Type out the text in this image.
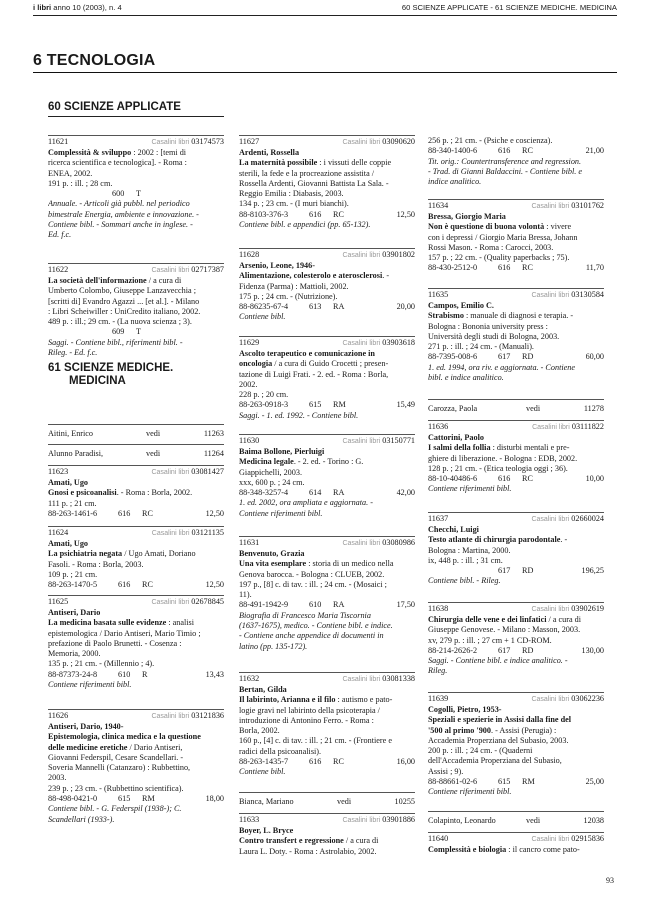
i libri anno 10 (2003), n. 4	60 SCIENZE APPLICATE - 61 SCIENZE MEDICHE. MEDICINA
6 TECNOLOGIA
60 SCIENZE APPLICATE
11621	Casalini libri 03174573
Complessità & sviluppo : 2002 : [temi di
ricerca scientifica e tecnologica]. - Roma :
ENEA, 2002.
191 p. : ill. ; 28 cm.
600 T
Annuale. - Articoli già pubbl. nel periodico
bimestrale Energia, ambiente e innovazione. -
Contiene bibl. - Sommari anche in inglese. -
Ed. f.c.
11622	Casalini libri 02717387
La società dell'informazione / a cura di
Umberto Colombo, Giuseppe Lanzavecchia ;
[scritti di] Evandro Agazzi ... [et al.]. - Milano
: Libri Scheiwiller : UniCredito italiano, 2002.
489 p. : ill.; 29 cm. - (La nuova scienza ; 3).
609 T
Saggi. - Contiene bibl., riferimenti bibl. -
Rileg. - Ed. f.c.
61 SCIENZE MEDICHE.
MEDICINA
Aitini, Enrico	vedi	11263
Alunno Paradisi,	vedi	11264
11623	Casalini libri 03081427
Amati, Ugo
Gnosi e psicoanalisi. - Roma : Borla, 2002.
111 p. ; 21 cm.
88-263-1461-6	616 RC	12,50
11624	Casalini libri 03121135
Amati, Ugo
La psichiatria negata / Ugo Amati, Doriano
Fasoli. - Roma : Borla, 2003.
109 p. ; 21 cm.
88-263-1470-5	616 RC	12,50
11625	Casalini libri 02678845
Antiseri, Dario
La medicina basata sulle evidenze : analisi
epistemologica / Dario Antiseri, Mario Timio ;
prefazione di Paolo Brunetti. - Cosenza :
Memoria, 2000.
135 p. ; 21 cm. - (Millennio ; 4).
88-87373-24-8	610 R	13,43
Contiene riferimenti bibl.
11626	Casalini libri 03121836
Antiseri, Dario, 1940-
Epistemologia, clinica medica e la questione
delle medicine eretiche / Dario Antiseri,
Giovanni Federspil, Cesare Scandellari. -
Soveria Mannelli (Catanzaro) : Rubbettino,
2003.
239 p. ; 23 cm. - (Rubbettino scientifica).
88-498-0421-0	615 RM	18,00
Contiene bibl. - G. Federspil (1938-); C.
Scandellari (1933-).
11627	Casalini libri 03090620
Ardenti, Rossella
La maternità possibile : i vissuti delle coppie
sterili, la fede e la procreazione assistita /
Rossella Ardenti, Giovanni Battista La Sala. -
Reggio Emilia : Diabasis, 2003.
134 p. ; 23 cm. - (I muri bianchi).
88-8103-376-3	616 RC	12,50
Contiene bibl. e appendici (pp. 65-132).
11628	Casalini libri 03901802
Arsenio, Leone, 1946-
Alimentazione, colesterolo e aterosclerosi. -
Fidenza (Parma) : Mattioli, 2002.
175 p. ; 24 cm. - (Nutrizione).
88-86235-67-4	613 RA	20,00
Contiene bibl.
11629	Casalini libri 03903618
Ascolto terapeutico e comunicazione in
oncologia / a cura di Guido Crocetti ; presen-
tazione di Luigi Frati. - 2. ed. - Roma : Borla,
2002.
228 p. ; 20 cm.
88-263-0918-3	615 RM	15,49
Saggi. - 1. ed. 1992. - Contiene bibl.
11630	Casalini libri 03150771
Baima Bollone, Pierluigi
Medicina legale. - 2. ed. - Torino : G.
Giappichelli, 2003.
xxx, 600 p. ; 24 cm.
88-348-3257-4	614 RA	42,00
1. ed. 2002, ora ampliata e aggiornata. -
Contiene riferimenti bibl.
11631	Casalini libri 03080986
Benvenuto, Grazia
Una vita esemplare : storia di un medico nella
Genova barocca. - Bologna : CLUEB, 2002.
197 p., [8] c. di tav. : ill. ; 24 cm. - (Mosaici ;
11).
88-491-1942-9	610 RA	17,50
Biografia di Francesco Maria Tiscornia
(1637-1675), medico. - Contiene bibl. e indice.
- Contiene anche appendice di documenti in
latino (pp. 135-172).
11632	Casalini libri 03081338
Bertan, Gilda
Il labirinto, Arianna e il filo : autismo e pato-
logie gravi nel labirinto della psicoterapia /
introduzione di Antonino Ferro. - Roma :
Borla, 2002.
160 p., [4] c. di tav. : ill. ; 21 cm. - (Frontiere e
radici della psicoanalisi).
88-263-1435-7	616 RC	16,00
Contiene bibl.
Bianca, Mariano	vedi	10255
11633	Casalini libri 03901886
Boyer, L. Bryce
Contro transfert e regressione / a cura di
Laura L. Doty. - Roma : Astrolabio, 2002.
256 p. ; 21 cm. - (Psiche e coscienza).
88-340-1400-6	616 RC	21,00
Tit. orig.: Countertransference and regression.
- Trad. di Gianni Baldaccini. - Contiene bibl. e
indice analitico.
11634	Casalini libri 03101762
Bressa, Giorgio Maria
Non è questione di buona volontà : vivere
con i depressi / Giorgio Maria Bressa, Johann
Rossi Mason. - Roma : Carocci, 2003.
157 p. ; 22 cm. - (Quality paperbacks ; 75).
88-430-2512-0	616 RC	11,70
11635	Casalini libri 03130584
Campos, Emilio C.
Strabismo : manuale di diagnosi e terapia. -
Bologna : Bononia university press :
Università degli studi di Bologna, 2003.
271 p. : ill. ; 24 cm. - (Manuali).
88-7395-008-6	617 RD	60,00
1. ed. 1994, ora riv. e aggiornata. - Contiene
bibl. e indice analitico.
Carozza, Paola	vedi	11278
11636	Casalini libri 03111822
Cattorini, Paolo
I salmi della follia : disturbi mentali e pre-
ghiere di liberazione. - Bologna : EDB, 2002.
128 p. ; 21 cm. - (Etica teologia oggi ; 36).
88-10-40486-6	616 RC	10,00
Contiene riferimenti bibl.
11637	Casalini libri 02660024
Checchi, Luigi
Testo atlante di chirurgia parodontale. -
Bologna : Martina, 2000.
ix, 448 p. : ill. ; 31 cm.
617 RD	196,25
Contiene bibl. - Rileg.
11638	Casalini libri 03902619
Chirurgia delle vene e dei linfatici / a cura di
Giuseppe Genovese. - Milano : Masson, 2003.
xv, 279 p. : ill. ; 27 cm + 1 CD-ROM.
88-214-2626-2	617 RD	130,00
Saggi. - Contiene bibl. e indice analitico. -
Rileg.
11639	Casalini libri 03062236
Cogolli, Pietro, 1953-
Speziali e spezierie in Assisi dalla fine del
'500 al primo '900. - Assisi (Perugia) :
Accademia Properziana del Subasio, 2003.
200 p. : ill. ; 24 cm. - (Quaderni
dell'Accademia Properziana del Subasio,
Assisi ; 9).
88-88661-02-6	615 RM	25,00
Contiene riferimenti bibl.
Colapinto, Leonardo	vedi	12038
11640	Casalini libri 02915836
Complessità e biologia : il cancro come pato-
93
